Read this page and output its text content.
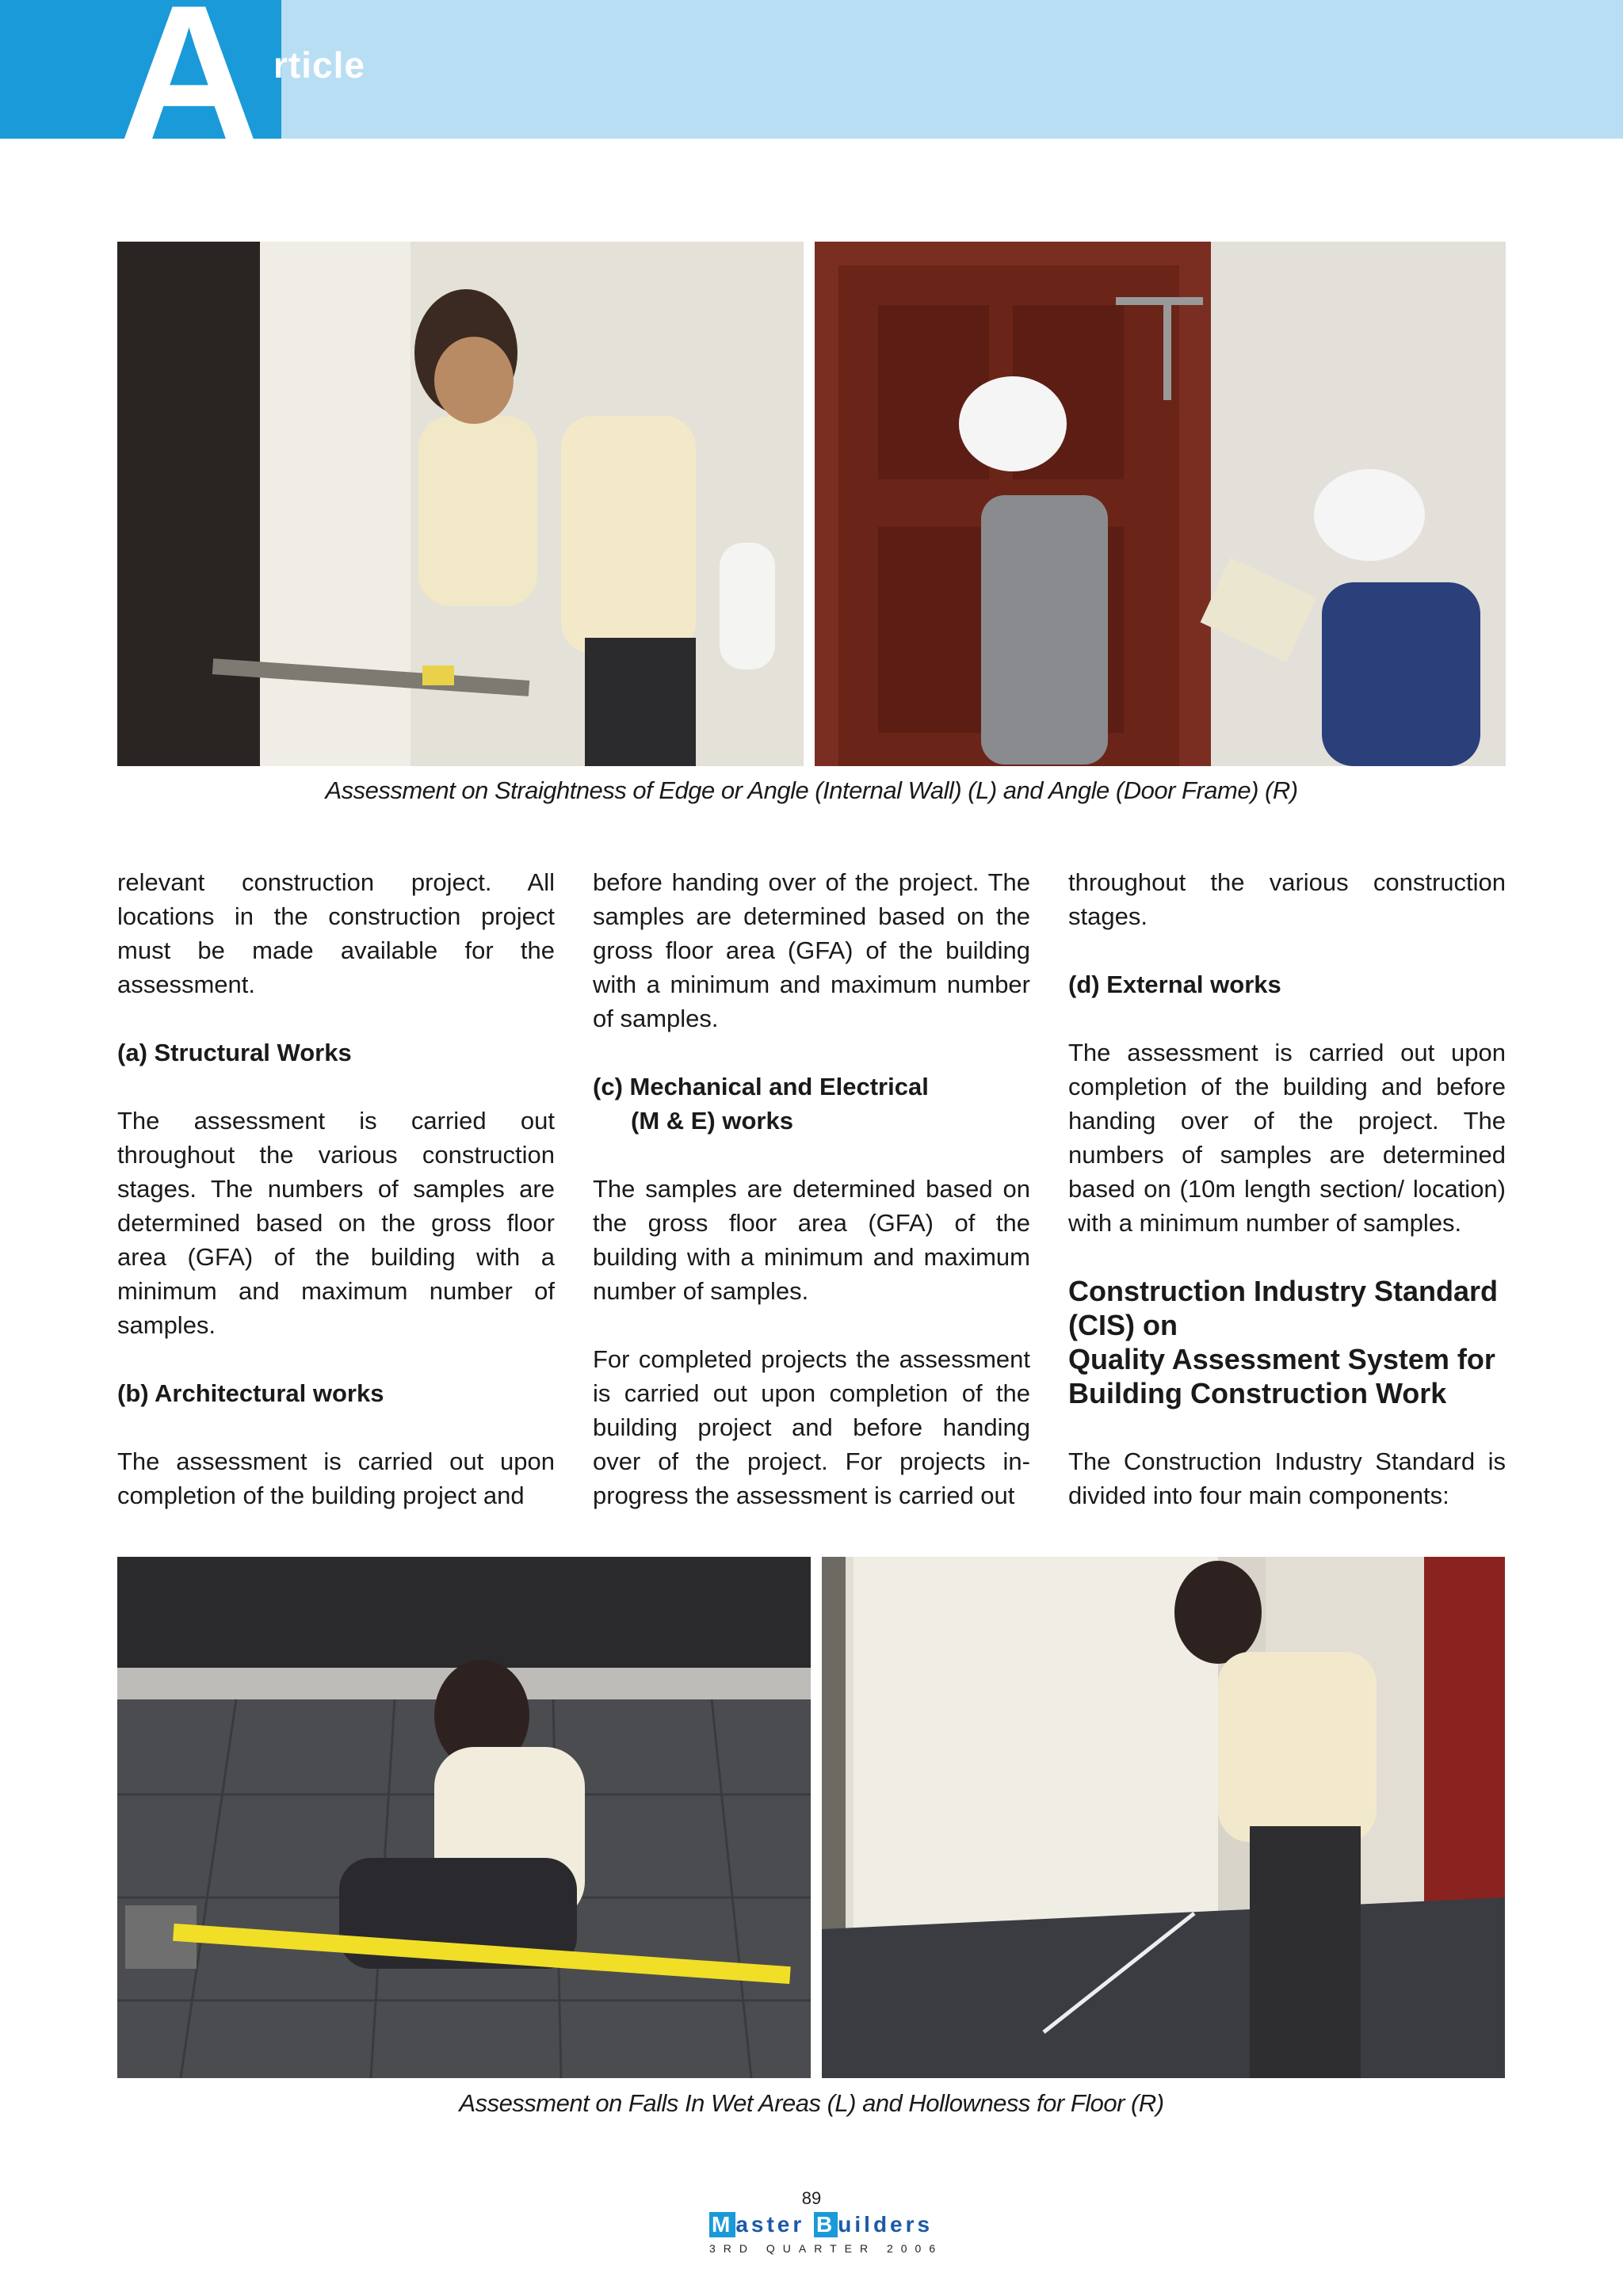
A rticle
Assessment on Straightness of Edge or Angle (Internal Wall) (L) and Angle (Door Frame) (R)

relevant construction project. All locations in the construction project must be made available for the assessment.

(a) Structural Works

The assessment is carried out throughout the various construction stages. The numbers of samples are determined based on the gross floor area (GFA) of the building with a minimum and maximum number of samples.

(b) Architectural works

The assessment is carried out upon completion of the building project and

before handing over of the project. The samples are determined based on the gross floor area (GFA) of the building with a minimum and maximum number of samples.

(c) Mechanical and Electrical
(M & E) works

The samples are determined based on the gross floor area (GFA) of the building with a minimum and maximum number of samples.

For completed projects the assessment is carried out upon completion of the building project and before handing over of the project. For projects in-progress the assessment is carried out

throughout the various construction stages.

(d) External works

The assessment is carried out upon completion of the building and before handing over of the project. The numbers of samples are determined based on (10m length section/ location) with a minimum number of samples.

Construction Industry Standard
(CIS) on
Quality Assessment System for
Building Construction Work

The Construction Industry Standard is divided into four main components:

Assessment on Falls In Wet Areas (L) and Hollowness for Floor (R)
89
M aster B uilders
3RD QUARTER 2006
